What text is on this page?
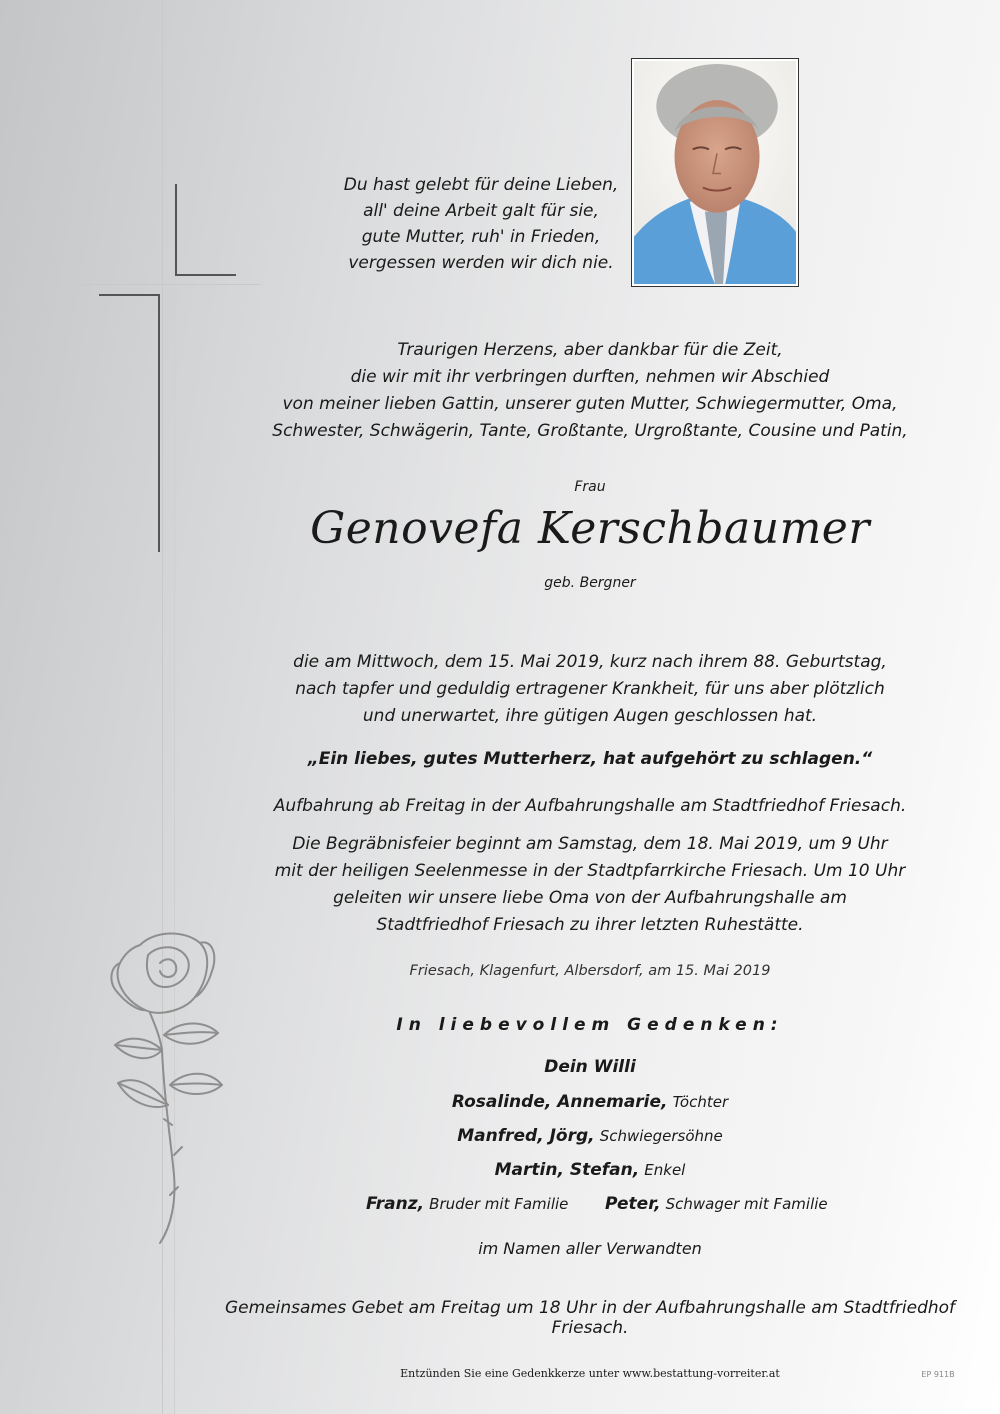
Du hast gelebt für deine Lieben,
all' deine Arbeit galt für sie,
gute Mutter, ruh' in Frieden,
vergessen werden wir dich nie.
Traurigen Herzens, aber dankbar für die Zeit,
die wir mit ihr verbringen durften, nehmen wir Abschied
von meiner lieben Gattin, unserer guten Mutter, Schwiegermutter, Oma,
Schwester, Schwägerin, Tante, Großtante, Urgroßtante, Cousine und Patin,
Frau
Genovefa Kerschbaumer
geb. Bergner
die am Mittwoch, dem 15. Mai 2019, kurz nach ihrem 88. Geburtstag,
nach tapfer und geduldig ertragener Krankheit, für uns aber plötzlich
und unerwartet, ihre gütigen Augen geschlossen hat.
„Ein liebes, gutes Mutterherz, hat aufgehört zu schlagen.“
Aufbahrung ab Freitag in der Aufbahrungshalle am Stadtfriedhof Friesach.
Die Begräbnisfeier beginnt am Samstag, dem 18. Mai 2019, um 9 Uhr
mit der heiligen Seelenmesse in der Stadtpfarrkirche Friesach. Um 10 Uhr
geleiten wir unsere liebe Oma von der Aufbahrungshalle am
Stadtfriedhof Friesach zu ihrer letzten Ruhestätte.
Friesach, Klagenfurt, Albersdorf, am 15. Mai 2019
In liebevollem Gedenken:
Dein Willi
Rosalinde, Annemarie, Töchter
Manfred, Jörg, Schwiegersöhne
Martin, Stefan, Enkel
Franz, Bruder mit Familie Peter, Schwager mit Familie
im Namen aller Verwandten
Gemeinsames Gebet am Freitag um 18 Uhr in der Aufbahrungshalle am Stadtfriedhof Friesach.
Entzünden Sie eine Gedenkkerze unter www.bestattung-vorreiter.at	EP 911B
